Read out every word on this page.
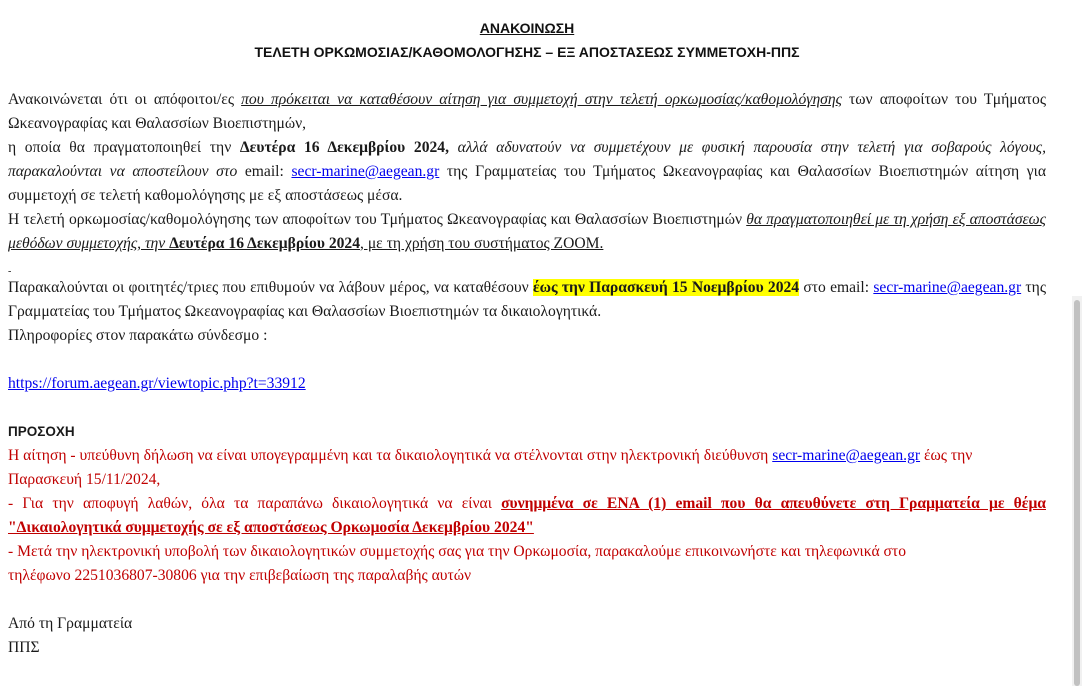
ΑΝΑΚΟΙΝΩΣΗ
ΤΕΛΕΤΗ ΟΡΚΩΜΟΣΙΑΣ/ΚΑΘΟΜΟΛΟΓΗΣΗΣ – ΕΞ ΑΠΟΣΤΑΣΕΩΣ ΣΥΜΜΕΤΟΧΗ-ΠΠΣ

Ανακοινώνεται ότι οι απόφοιτοι/ες που πρόκειται να καταθέσουν αίτηση για συμμετοχή στην τελετή ορκωμοσίας/καθομολόγησης των αποφοίτων του Τμήματος Ωκεανογραφίας και Θαλασσίων Βιοεπιστημών,

η οποία θα πραγματοποιηθεί την Δευτέρα 16 Δεκεμβρίου 2024, αλλά αδυνατούν να συμμετέχουν με φυσική παρουσία στην τελετή για σοβαρούς λόγους, παρακαλούνται να αποστείλουν στο email: secr-marine@aegean.gr της Γραμματείας του Τμήματος Ωκεανογραφίας και Θαλασσίων Βιοεπιστημών αίτηση για συμμετοχή σε τελετή καθομολόγησης με εξ αποστάσεως μέσα.

Η τελετή ορκωμοσίας/καθομολόγησης των αποφοίτων του Τμήματος Ωκεανογραφίας και Θαλασσίων Βιοεπιστημών θα πραγματοποιηθεί με τη χρήση εξ αποστάσεως μεθόδων συμμετοχής, την Δευτέρα 16 Δεκεμβρίου 2024, με τη χρήση του συστήματος ZOOM.

-

Παρακαλούνται οι φοιτητές/τριες που επιθυμούν να λάβουν μέρος, να καταθέσουν έως την Παρασκευή 15 Νοεμβρίου 2024 στο email: secr-marine@aegean.gr της Γραμματείας του Τμήματος Ωκεανογραφίας και Θαλασσίων Βιοεπιστημών τα δικαιολογητικά.

Πληροφορίες στον παρακάτω σύνδεσμο :

https://forum.aegean.gr/viewtopic.php?t=33912

ΠΡΟΣΟΧΗ

Η αίτηση - υπεύθυνη δήλωση να είναι υπογεγραμμένη και τα δικαιολογητικά να στέλνονται στην ηλεκτρονική διεύθυνση secr-marine@aegean.gr έως την Παρασκευή 15/11/2024,

- Για την αποφυγή λαθών, όλα τα παραπάνω δικαιολογητικά να είναι συνημμένα σε ΕΝΑ (1) email που θα απευθύνετε στη Γραμματεία με θέμα "Δικαιολογητικά συμμετοχής σε εξ αποστάσεως Ορκωμοσία Δεκεμβρίου 2024"

- Μετά την ηλεκτρονική υποβολή των δικαιολογητικών συμμετοχής σας για την Ορκωμοσία, παρακαλούμε επικοινωνήστε και τηλεφωνικά στο τηλέφωνο 2251036807-30806 για την επιβεβαίωση της παραλαβής αυτών

Από τη Γραμματεία

ΠΠΣ
